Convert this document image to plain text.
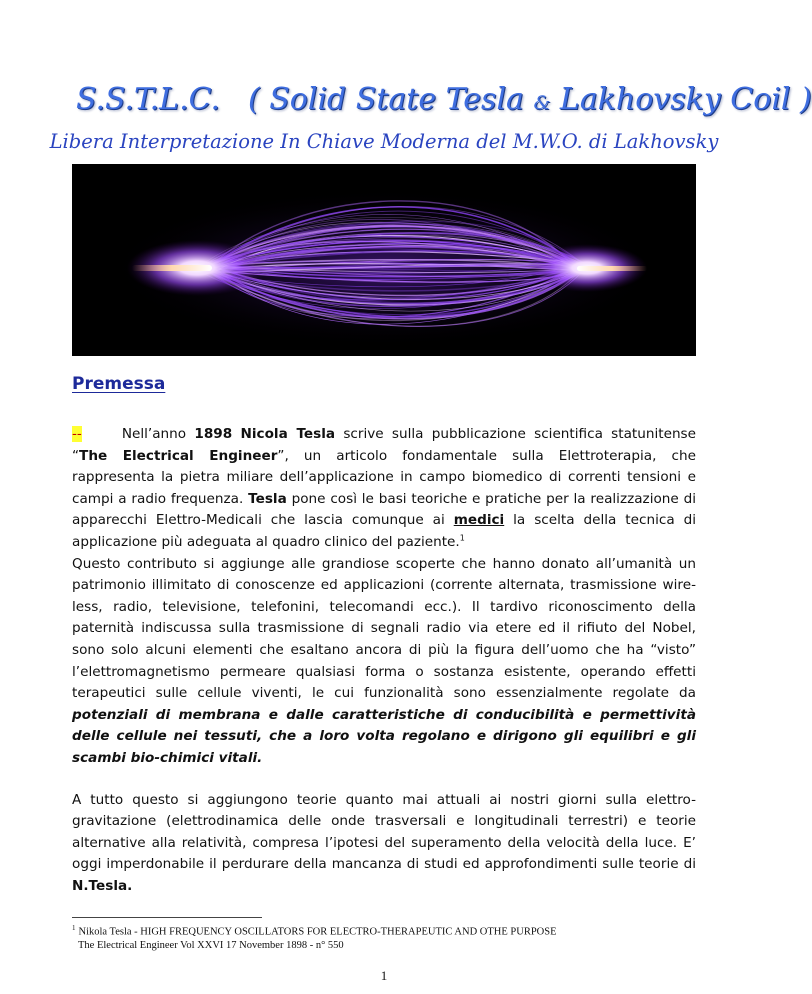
S.S.T.L.C. ( Solid State Tesla & Lakhovsky Coil )
Libera Interpretazione In Chiave Moderna del M.W.O. di Lakhovsky
Premessa

--	Nell’anno 1898 Nicola Tesla scrive sulla pubblicazione scientifica statunitense “The Electrical Engineer”, un articolo fondamentale sulla Elettroterapia, che rappresenta la pietra miliare dell’applicazione in campo biomedico di correnti tensioni e campi a radio frequenza. Tesla pone così le basi teoriche e pratiche per la realizzazione di apparecchi Elettro-Medicali che lascia comunque ai medici la scelta della tecnica di applicazione più adeguata al quadro clinico del paziente.$^1$
Questo contributo si aggiunge alle grandiose scoperte che hanno donato all’umanità un patrimonio illimitato di conoscenze ed applicazioni (corrente alternata, trasmissione wire-less, radio, televisione, telefonini, telecomandi ecc.). Il tardivo riconoscimento della paternità indiscussa sulla trasmissione di segnali radio via etere ed il rifiuto del Nobel, sono solo alcuni elementi che esaltano ancora di più la figura dell’uomo che ha “visto” l’elettromagnetismo permeare qualsiasi forma o sostanza esistente, operando effetti terapeutici sulle cellule viventi, le cui funzionalità sono essenzialmente regolate da potenziali di membrana e dalle caratteristiche di conducibilità e permettività delle cellule nei tessuti, che a loro volta regolano e dirigono gli equilibri e gli scambi bio-chimici vitali.

A tutto questo si aggiungono teorie quanto mai attuali ai nostri giorni sulla elettro-gravitazione (elettrodinamica delle onde trasversali e longitudinali terrestri) e teorie alternative alla relatività, compresa l’ipotesi del superamento della velocità della luce. E’ oggi imperdonabile il perdurare della mancanza di studi ed approfondimenti sulle teorie di N.Tesla.

$^1$ Nikola Tesla - HIGH FREQUENCY OSCILLATORS FOR ELECTRO-THERAPEUTIC AND OTHE PURPOSE
The Electrical Engineer Vol XXVI 17 November 1898 - n° 550
1
